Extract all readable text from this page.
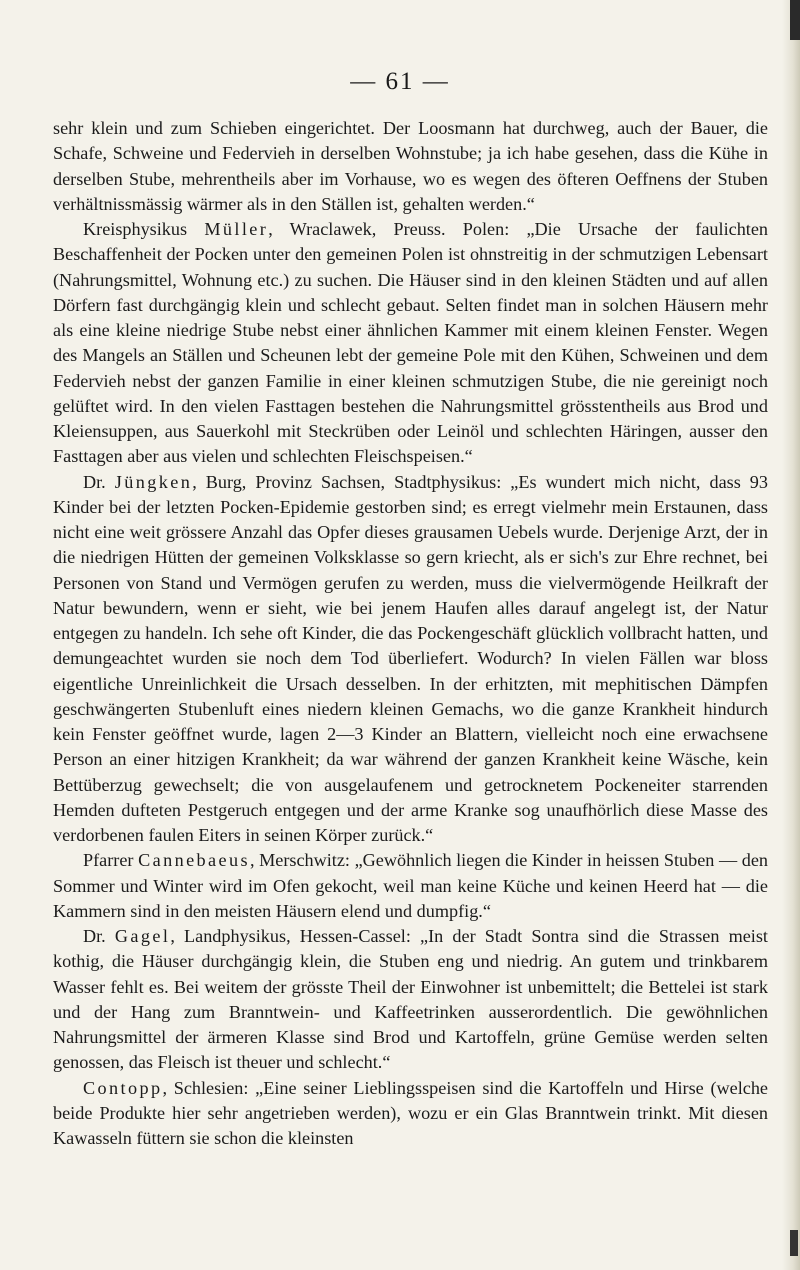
— 61 —

sehr klein und zum Schieben eingerichtet. Der Loosmann hat durchweg, auch der Bauer, die Schafe, Schweine und Federvieh in derselben Wohnstube; ja ich habe gesehen, dass die Kühe in derselben Stube, mehrentheils aber im Vorhause, wo es wegen des öfteren Oeffnens der Stuben verhältnissmässig wärmer als in den Ställen ist, gehalten werden.“

Kreisphysikus Müller, Wraclawek, Preuss. Polen: „Die Ursache der faulichten Beschaffenheit der Pocken unter den gemeinen Polen ist ohnstreitig in der schmutzigen Lebensart (Nahrungsmittel, Wohnung etc.) zu suchen. Die Häuser sind in den kleinen Städten und auf allen Dörfern fast durchgängig klein und schlecht gebaut. Selten findet man in solchen Häusern mehr als eine kleine niedrige Stube nebst einer ähnlichen Kammer mit einem kleinen Fenster. Wegen des Mangels an Ställen und Scheunen lebt der gemeine Pole mit den Kühen, Schweinen und dem Federvieh nebst der ganzen Familie in einer kleinen schmutzigen Stube, die nie gereinigt noch gelüftet wird. In den vielen Fasttagen bestehen die Nahrungsmittel grösstentheils aus Brod und Kleiensuppen, aus Sauerkohl mit Steckrüben oder Leinöl und schlechten Häringen, ausser den Fasttagen aber aus vielen und schlechten Fleischspeisen.“

Dr. Jüngken, Burg, Provinz Sachsen, Stadtphysikus: „Es wundert mich nicht, dass 93 Kinder bei der letzten Pocken-Epidemie gestorben sind; es erregt vielmehr mein Erstaunen, dass nicht eine weit grössere Anzahl das Opfer dieses grausamen Uebels wurde. Derjenige Arzt, der in die niedrigen Hütten der gemeinen Volksklasse so gern kriecht, als er sich's zur Ehre rechnet, bei Personen von Stand und Vermögen gerufen zu werden, muss die vielvermögende Heilkraft der Natur bewundern, wenn er sieht, wie bei jenem Haufen alles darauf angelegt ist, der Natur entgegen zu handeln. Ich sehe oft Kinder, die das Pockengeschäft glücklich vollbracht hatten, und demungeachtet wurden sie noch dem Tod überliefert. Wodurch? In vielen Fällen war bloss eigentliche Unreinlichkeit die Ursach desselben. In der erhitzten, mit mephitischen Dämpfen geschwängerten Stubenluft eines niedern kleinen Gemachs, wo die ganze Krankheit hindurch kein Fenster geöffnet wurde, lagen 2—3 Kinder an Blattern, vielleicht noch eine erwachsene Person an einer hitzigen Krankheit; da war während der ganzen Krankheit keine Wäsche, kein Bettüberzug gewechselt; die von ausgelaufenem und getrocknetem Pockeneiter starrenden Hemden dufteten Pestgeruch entgegen und der arme Kranke sog unaufhörlich diese Masse des verdorbenen faulen Eiters in seinen Körper zurück.“

Pfarrer Cannebaeus, Merschwitz: „Gewöhnlich liegen die Kinder in heissen Stuben — den Sommer und Winter wird im Ofen gekocht, weil man keine Küche und keinen Heerd hat — die Kammern sind in den meisten Häusern elend und dumpfig.“

Dr. Gagel, Landphysikus, Hessen-Cassel: „In der Stadt Sontra sind die Strassen meist kothig, die Häuser durchgängig klein, die Stuben eng und niedrig. An gutem und trinkbarem Wasser fehlt es. Bei weitem der grösste Theil der Einwohner ist unbemittelt; die Bettelei ist stark und der Hang zum Branntwein- und Kaffeetrinken ausserordentlich. Die gewöhnlichen Nahrungsmittel der ärmeren Klasse sind Brod und Kartoffeln, grüne Gemüse werden selten genossen, das Fleisch ist theuer und schlecht.“

Contopp, Schlesien: „Eine seiner Lieblingsspeisen sind die Kartoffeln und Hirse (welche beide Produkte hier sehr angetrieben werden), wozu er ein Glas Branntwein trinkt. Mit diesen Kawasseln füttern sie schon die kleinsten
